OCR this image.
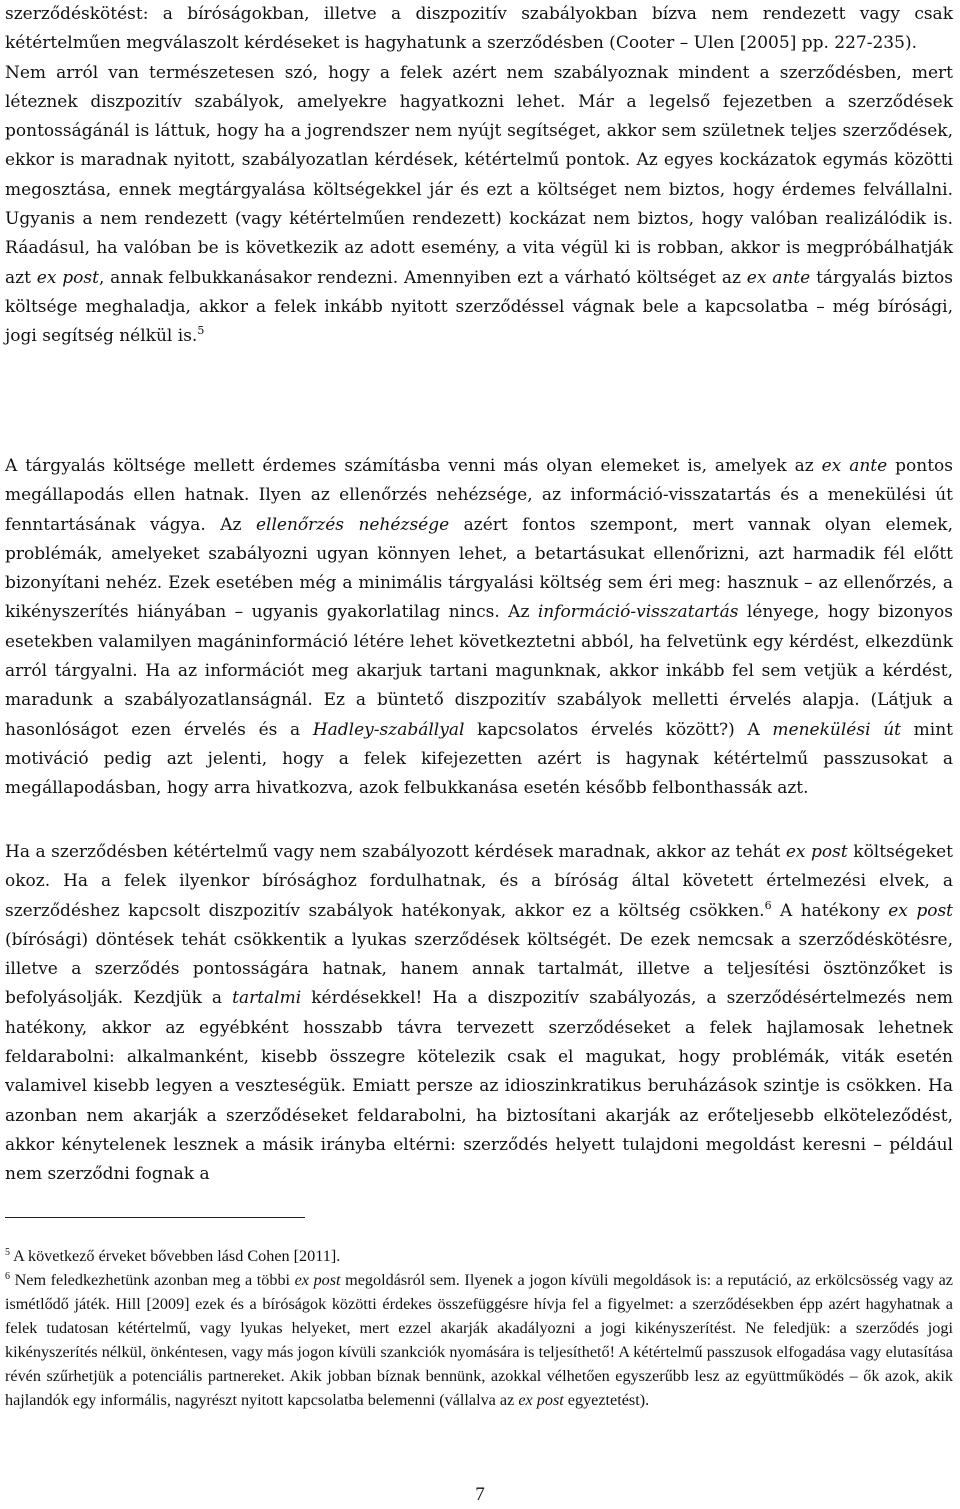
szerződéskötést: a bíróságokban, illetve a diszpozitív szabályokban bízva nem rendezett vagy csak kétértelműen megválaszolt kérdéseket is hagyhatunk a szerződésben (Cooter – Ulen [2005] pp. 227-235).
Nem arról van természetesen szó, hogy a felek azért nem szabályoznak mindent a szerződésben, mert léteznek diszpozitív szabályok, amelyekre hagyatkozni lehet. Már a legelső fejezetben a szerződések pontosságánál is láttuk, hogy ha a jogrendszer nem nyújt segítséget, akkor sem születnek teljes szerződések, ekkor is maradnak nyitott, szabályozatlan kérdések, kétértelmű pontok. Az egyes kockázatok egymás közötti megosztása, ennek megtárgyalása költségekkel jár és ezt a költséget nem biztos, hogy érdemes felvállalni. Ugyanis a nem rendezett (vagy kétértelműen rendezett) kockázat nem biztos, hogy valóban realizálódik is. Ráadásul, ha valóban be is következik az adott esemény, a vita végül ki is robban, akkor is megpróbálhatják azt ex post, annak felbukkanásakor rendezni. Amennyiben ezt a várható költséget az ex ante tárgyalás biztos költsége meghaladja, akkor a felek inkább nyitott szerződéssel vágnak bele a kapcsolatba – még bírósági, jogi segítség nélkül is.$^5$

A tárgyalás költsége mellett érdemes számításba venni más olyan elemeket is, amelyek az ex ante pontos megállapodás ellen hatnak. Ilyen az ellenőrzés nehézsége, az információ-visszatartás és a menekülési út fenntartásának vágya. Az ellenőrzés nehézsége azért fontos szempont, mert vannak olyan elemek, problémák, amelyeket szabályozni ugyan könnyen lehet, a betartásukat ellenőrizni, azt harmadik fél előtt bizonyítani nehéz. Ezek esetében még a minimális tárgyalási költség sem éri meg: hasznuk – az ellenőrzés, a kikényszerítés hiányában – ugyanis gyakorlatilag nincs. Az információ-visszatartás lényege, hogy bizonyos esetekben valamilyen magáninformáció létére lehet következtetni abból, ha felvetünk egy kérdést, elkezdünk arról tárgyalni. Ha az információt meg akarjuk tartani magunknak, akkor inkább fel sem vetjük a kérdést, maradunk a szabályozatlanságnál. Ez a büntető diszpozitív szabályok melletti érvelés alapja. (Látjuk a hasonlóságot ezen érvelés és a Hadley-szabállyal kapcsolatos érvelés között?) A menekülési út mint motiváció pedig azt jelenti, hogy a felek kifejezetten azért is hagynak kétértelmű passzusokat a megállapodásban, hogy arra hivatkozva, azok felbukkanása esetén később felbonthassák azt.

Ha a szerződésben kétértelmű vagy nem szabályozott kérdések maradnak, akkor az tehát ex post költségeket okoz. Ha a felek ilyenkor bírósághoz fordulhatnak, és a bíróság által követett értelmezési elvek, a szerződéshez kapcsolt diszpozitív szabályok hatékonyak, akkor ez a költség csökken.$^6$ A hatékony ex post (bírósági) döntések tehát csökkentik a lyukas szerződések költségét. De ezek nemcsak a szerződéskötésre, illetve a szerződés pontosságára hatnak, hanem annak tartalmát, illetve a teljesítési ösztönzőket is befolyásolják. Kezdjük a tartalmi kérdésekkel! Ha a diszpozitív szabályozás, a szerződésértelmezés nem hatékony, akkor az egyébként hosszabb távra tervezett szerződéseket a felek hajlamosak lehetnek feldarabolni: alkalmanként, kisebb összegre kötelezik csak el magukat, hogy problémák, viták esetén valamivel kisebb legyen a veszteségük. Emiatt persze az idioszinkratikus beruházások szintje is csökken. Ha azonban nem akarják a szerződéseket feldarabolni, ha biztosítani akarják az erőteljesebb elköteleződést, akkor kénytelenek lesznek a másik irányba eltérni: szerződés helyett tulajdoni megoldást keresni – például nem szerződni fognak a

$^5$ A következő érveket bővebben lásd Cohen [2011].

$^6$ Nem feledkezhetünk azonban meg a többi ex post megoldásról sem. Ilyenek a jogon kívüli megoldások is: a reputáció, az erkölcsösség vagy az ismétlődő játék. Hill [2009] ezek és a bíróságok közötti érdekes összefüggésre hívja fel a figyelmet: a szerződésekben épp azért hagyhatnak a felek tudatosan kétértelmű, vagy lyukas helyeket, mert ezzel akarják akadályozni a jogi kikényszerítést. Ne feledjük: a szerződés jogi kikényszerítés nélkül, önkéntesen, vagy más jogon kívüli szankciók nyomására is teljesíthető! A kétértelmű passzusok elfogadása vagy elutasítása révén szűrhetjük a potenciális partnereket. Akik jobban bíznak bennünk, azokkal vélhetően egyszerűbb lesz az együttműködés – ők azok, akik hajlandók egy informális, nagyrészt nyitott kapcsolatba belemenni (vállalva az ex post egyeztetést).

7
